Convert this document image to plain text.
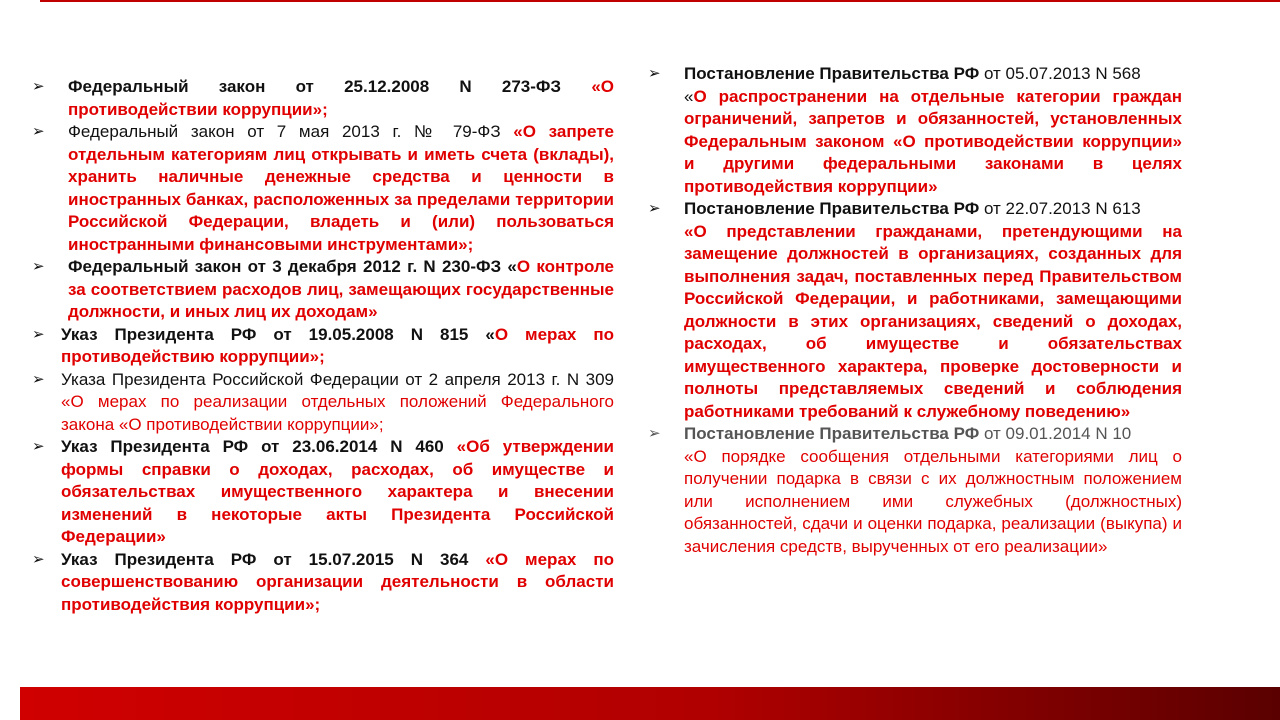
➢	Федеральный закон от 25.12.2008 N 273-ФЗ «О противодействии коррупции»;
➢	Федеральный закон от 7 мая 2013 г. № 79-ФЗ «О запрете отдельным категориям лиц открывать и иметь счета (вклады), хранить наличные денежные средства и ценности в иностранных банках, расположенных за пределами территории Российской Федерации, владеть и (или) пользоваться иностранными финансовыми инструментами»;
➢	Федеральный закон от 3 декабря 2012 г. N 230-ФЗ «О контроле за соответствием расходов лиц, замещающих государственные должности, и иных лиц их доходам»
➢ Указ Президента РФ от 19.05.2008 N 815 «О мерах по противодействию коррупции»;
➢ Указа Президента Российской Федерации от 2 апреля 2013 г. N 309 «О мерах по реализации отдельных положений Федерального закона «О противодействии коррупции»;
➢ Указ Президента РФ от 23.06.2014 N 460 «Об утверждении формы справки о доходах, расходах, об имуществе и обязательствах имущественного характера и внесении изменений в некоторые акты Президента Российской Федерации»
➢ Указ Президента РФ от 15.07.2015 N 364 «О мерах по совершенствованию организации деятельности в области противодействия коррупции»;
➢	Постановление Правительства РФ от 05.07.2013 N 568
«О распространении на отдельные категории граждан ограничений, запретов и обязанностей, установленных Федеральным законом «О противодействии коррупции» и другими федеральными законами в целях противодействия коррупции»
➢	Постановление Правительства РФ от 22.07.2013 N 613
«О представлении гражданами, претендующими на замещение должностей в организациях, созданных для выполнения задач, поставленных перед Правительством Российской Федерации, и работниками, замещающими должности в этих организациях, сведений о доходах, расходах, об имуществе и обязательствах имущественного характера, проверке достоверности и полноты представляемых сведений и соблюдения работниками требований к служебному поведению»
➢	Постановление Правительства РФ от 09.01.2014 N 10
«О порядке сообщения отдельными категориями лиц о получении подарка в связи с их должностным положением или исполнением ими служебных (должностных) обязанностей, сдачи и оценки подарка, реализации (выкупа) и зачисления средств, вырученных от его реализации»
